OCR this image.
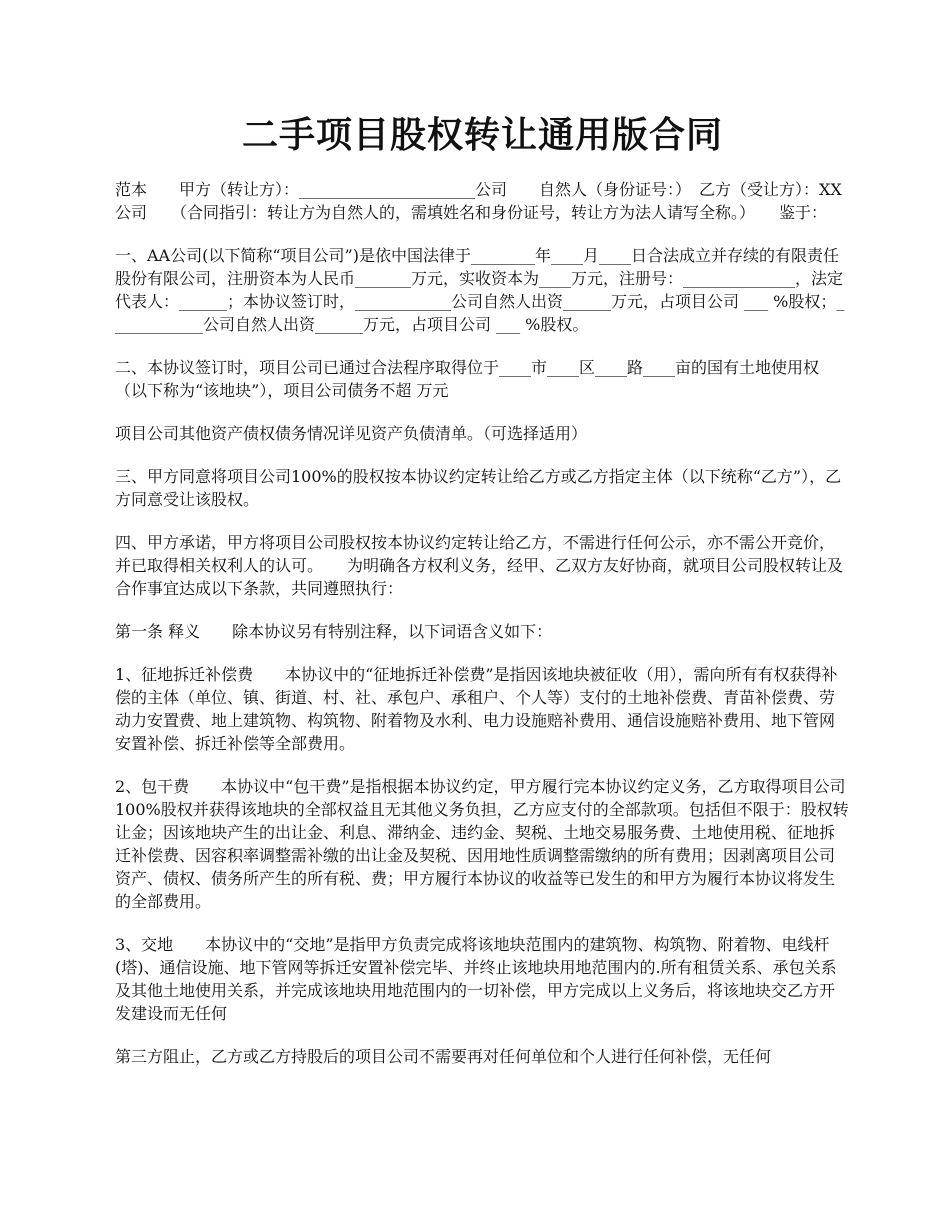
二手项目股权转让通用版合同

范本　　甲方（转让方）：______________________公司　　自然人（身份证号：）　乙方（受让方）：XX公司　　（合同指引：转让方为自然人的，需填姓名和身份证号，转让方为法人请写全称。）　　鉴于：

一、AA公司(以下简称“项目公司”)是依中国法律于________年____月____日合法成立并存续的有限责任股份有限公司，注册资本为人民币_______万元，实收资本为____万元，注册号：______________，法定代表人：______；本协议签订时，____________公司自然人出资______万元，占项目公司 ___ %股权；____________公司自然人出资______万元，占项目公司 ___ %股权。

二、本协议签订时，项目公司已通过合法程序取得位于____市____区____路____亩的国有土地使用权（以下称为“该地块”），项目公司债务不超 万元

项目公司其他资产债权债务情况详见资产负债清单。（可选择适用）

三、甲方同意将项目公司100%的股权按本协议约定转让给乙方或乙方指定主体（以下统称“乙方”），乙方同意受让该股权。

四、甲方承诺，甲方将项目公司股权按本协议约定转让给乙方，不需进行任何公示，亦不需公开竞价，并已取得相关权利人的认可。　　为明确各方权利义务，经甲、乙双方友好协商，就项目公司股权转让及合作事宜达成以下条款，共同遵照执行：

第一条 释义　　除本协议另有特别注释，以下词语含义如下：

1、征地拆迁补偿费　　本协议中的“征地拆迁补偿费”是指因该地块被征收（用），需向所有有权获得补偿的主体（单位、镇、街道、村、社、承包户、承租户、个人等）支付的土地补偿费、青苗补偿费、劳动力安置费、地上建筑物、构筑物、附着物及水利、电力设施赔补费用、通信设施赔补费用、地下管网安置补偿、拆迁补偿等全部费用。

2、包干费　　本协议中“包干费”是指根据本协议约定，甲方履行完本协议约定义务，乙方取得项目公司100%股权并获得该地块的全部权益且无其他义务负担，乙方应支付的全部款项。包括但不限于：股权转让金；因该地块产生的出让金、利息、滞纳金、违约金、契税、土地交易服务费、土地使用税、征地拆迁补偿费、因容积率调整需补缴的出让金及契税、因用地性质调整需缴纳的所有费用；因剥离项目公司资产、债权、债务所产生的所有税、费；甲方履行本协议的收益等已发生的和甲方为履行本协议将发生的全部费用。

3、交地　　本协议中的“交地”是指甲方负责完成将该地块范围内的建筑物、构筑物、附着物、电线杆(塔)、通信设施、地下管网等拆迁安置补偿完毕、并终止该地块用地范围内的.所有租赁关系、承包关系及其他土地使用关系，并完成该地块用地范围内的一切补偿，甲方完成以上义务后，将该地块交乙方开发建设而无任何

第三方阻止，乙方或乙方持股后的项目公司不需要再对任何单位和个人进行任何补偿，无任何
